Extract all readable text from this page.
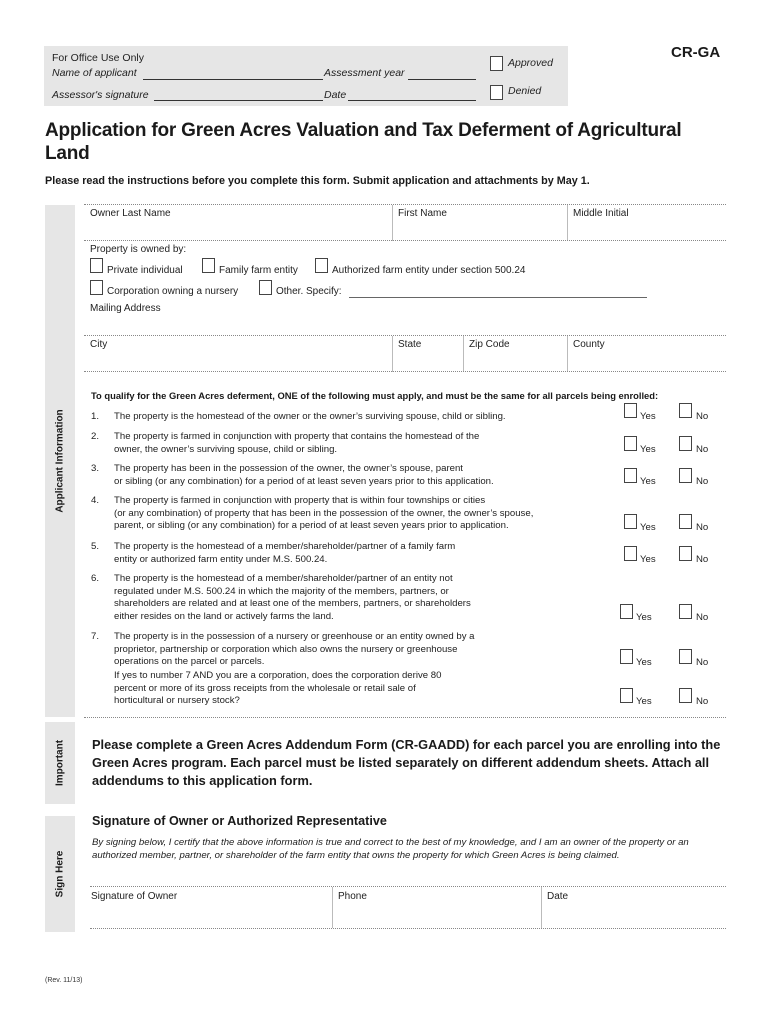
For Office Use Only
Name of applicant	Assessment year
Assessor's signature	Date
Approved
Denied
CR-GA
Application for Green Acres Valuation and Tax Deferment of Agricultural Land
Please read the instructions before you complete this form. Submit application and attachments by May 1.
Applicant Information
Owner Last Name	First Name	Middle Initial
Property is owned by:
Private individual	Family farm entity	Authorized farm entity under section 500.24
Corporation owning a nursery	Other. Specify:
Mailing Address
City	State	Zip Code	County
To qualify for the Green Acres deferment, ONE of the following must apply, and must be the same for all parcels being enrolled:
1. The property is the homestead of the owner or the owner’s surviving spouse, child or sibling.	Yes	No
2. The property is farmed in conjunction with property that contains the homestead of the
owner, the owner’s surviving spouse, child or sibling.	Yes	No
3. The property has been in the possession of the owner, the owner’s spouse, parent
or sibling (or any combination) for a period of at least seven years prior to this application.	Yes	No
4. The property is farmed in conjunction with property that is within four townships or cities
(or any combination) of property that has been in the possession of the owner, the owner’s spouse,
parent, or sibling (or any combination) for a period of at least seven years prior to application.	Yes	No
5. The property is the homestead of a member/shareholder/partner of a family farm
entity or authorized farm entity under M.S. 500.24.	Yes	No
6. The property is the homestead of a member/shareholder/partner of an entity not
regulated under M.S. 500.24 in which the majority of the members, partners, or
shareholders are related and at least one of the members, partners, or shareholders
either resides on the land or actively farms the land.	Yes	No
7. The property is in the possession of a nursery or greenhouse or an entity owned by a
proprietor, partnership or corporation which also owns the nursery or greenhouse
operations on the parcel or parcels.	Yes	No
If yes to number 7 AND you are a corporation, does the corporation derive 80
percent or more of its gross receipts from the wholesale or retail sale of
horticultural or nursery stock?	Yes	No
Important Please complete a Green Acres Addendum Form (CR-GAADD) for each parcel you are enrolling into the Green Acres program. Each parcel must be listed separately on different addendum sheets. Attach all addendums to this application form.
Sign Here
Signature of Owner or Authorized Representative
By signing below, I certify that the above information is true and correct to the best of my knowledge, and I am an owner of the property or an authorized member, partner, or shareholder of the farm entity that owns the property for which Green Acres is being claimed.
Signature of Owner	Phone	Date
(Rev. 11/13)
